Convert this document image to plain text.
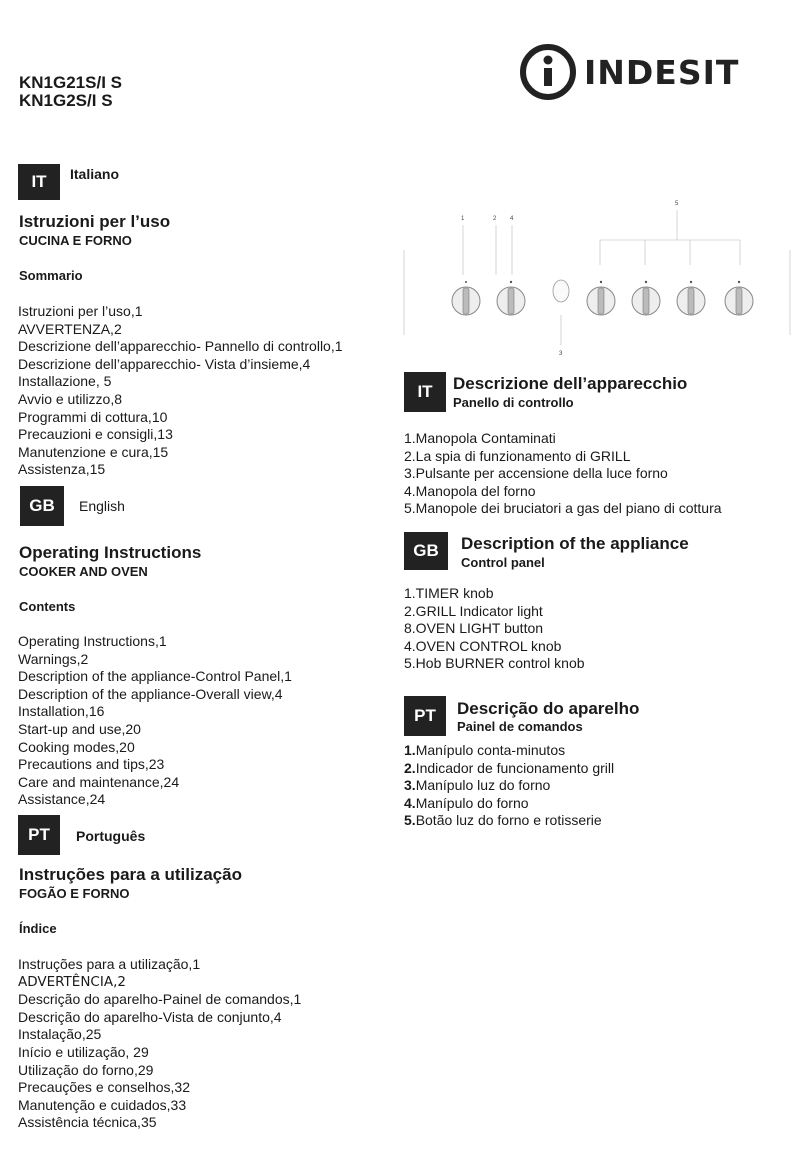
KN1G21S/I S
KN1G2S/I S
INDESIT
IT	Italiano
Istruzioni per l’uso
CUCINA E FORNO
Sommario
Istruzioni per l’uso,1
AVVERTENZA,2
Descrizione dell’apparecchio- Pannello di controllo,1
Descrizione dell’apparecchio- Vista d’insieme,4
Installazione, 5
Avvio e utilizzo,8
Programmi di cottura,10
Precauzioni e consigli,13
Manutenzione e cura,15
Assistenza,15
GB	English
Operating Instructions
COOKER AND OVEN
Contents
Operating Instructions,1
Warnings,2
Description of the appliance-Control Panel,1
Description of the appliance-Overall view,4
Installation,16
Start-up and use,20
Cooking modes,20
Precautions and tips,23
Care and maintenance,24
Assistance,24
PT	Português
Instruções para a utilização
FOGÃO E FORNO
Índice
Instruções para a utilização,1
ADVERTÊNCIA,2
Descrição do aparelho-Painel de comandos,1
Descrição do aparelho-Vista de conjunto,4
Instalação,25
Início e utilização, 29
Utilização do forno,29
Precauções e conselhos,32
Manutenção e cuidados,33
Assistência técnica,35
1	2 4
5
3
IT	Descrizione dell’apparecchio
Panello di controllo
1.Manopola Contaminati
2.La spia di funzionamento di GRILL
3.Pulsante per accensione della luce forno
4.Manopola del forno
5.Manopole dei bruciatori a gas del piano di cottura
GB	Description of the appliance
Control panel
1.TIMER knob
2.GRILL Indicator light
8.OVEN LIGHT button
4.OVEN CONTROL knob
5.Hob BURNER control knob
PT	Descrição do aparelho
Painel de comandos
1.Manípulo conta-minutos
2.Indicador de funcionamento grill
3.Manípulo luz do forno
4.Manípulo do forno
5.Botão luz do forno e rotisserie
